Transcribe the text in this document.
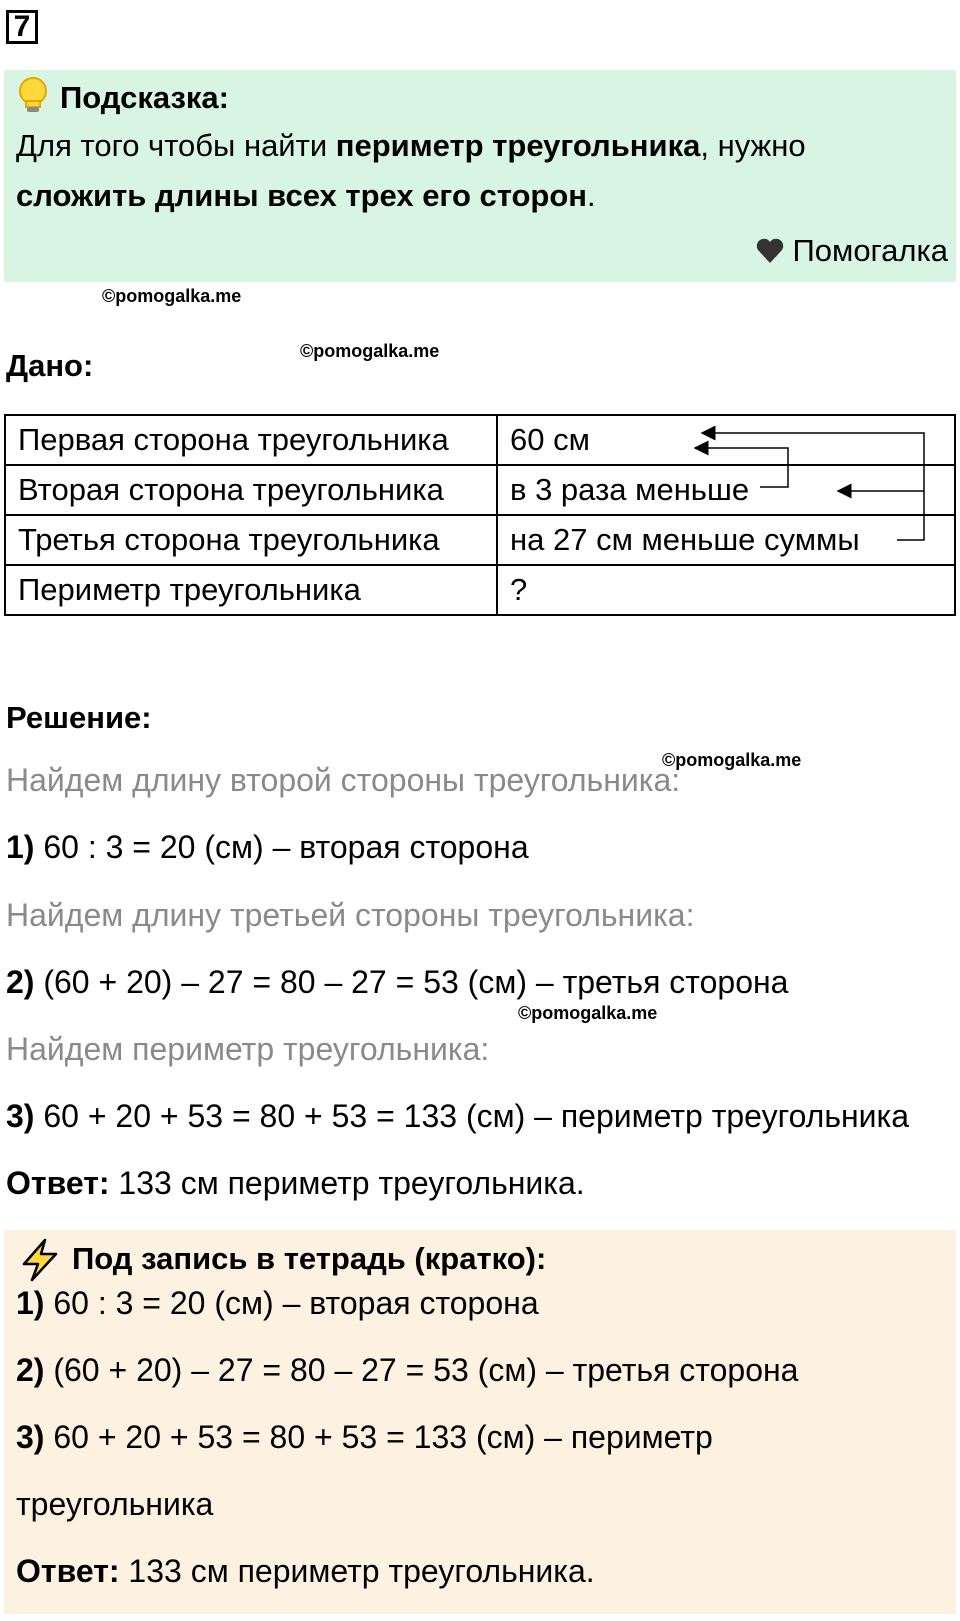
7
Подсказка:
Для того чтобы найти периметр треугольника, нужно
сложить длины всех трех его сторон.
Помогалка
©pomogalka.me
Дано:	©pomogalka.me
Первая сторона треугольника	60 см
Вторая сторона треугольника	в 3 раза меньше
Третья сторона треугольника	на 27 см меньше суммы
Периметр треугольника	?
Решение:
©pomogalka.me
Найдем длину второй стороны треугольника:
1) 60 : 3 = 20 (см) – вторая сторона
Найдем длину третьей стороны треугольника:
2) (60 + 20) – 27 = 80 – 27 = 53 (см) – третья сторона
©pomogalka.me
Найдем периметр треугольника:
3) 60 + 20 + 53 = 80 + 53 = 133 (см) – периметр треугольника
Ответ: 133 см периметр треугольника.
Под запись в тетрадь (кратко):
1) 60 : 3 = 20 (см) – вторая сторона
2) (60 + 20) – 27 = 80 – 27 = 53 (см) – третья сторона
3) 60 + 20 + 53 = 80 + 53 = 133 (см) – периметр
треугольника
Ответ: 133 см периметр треугольника.
